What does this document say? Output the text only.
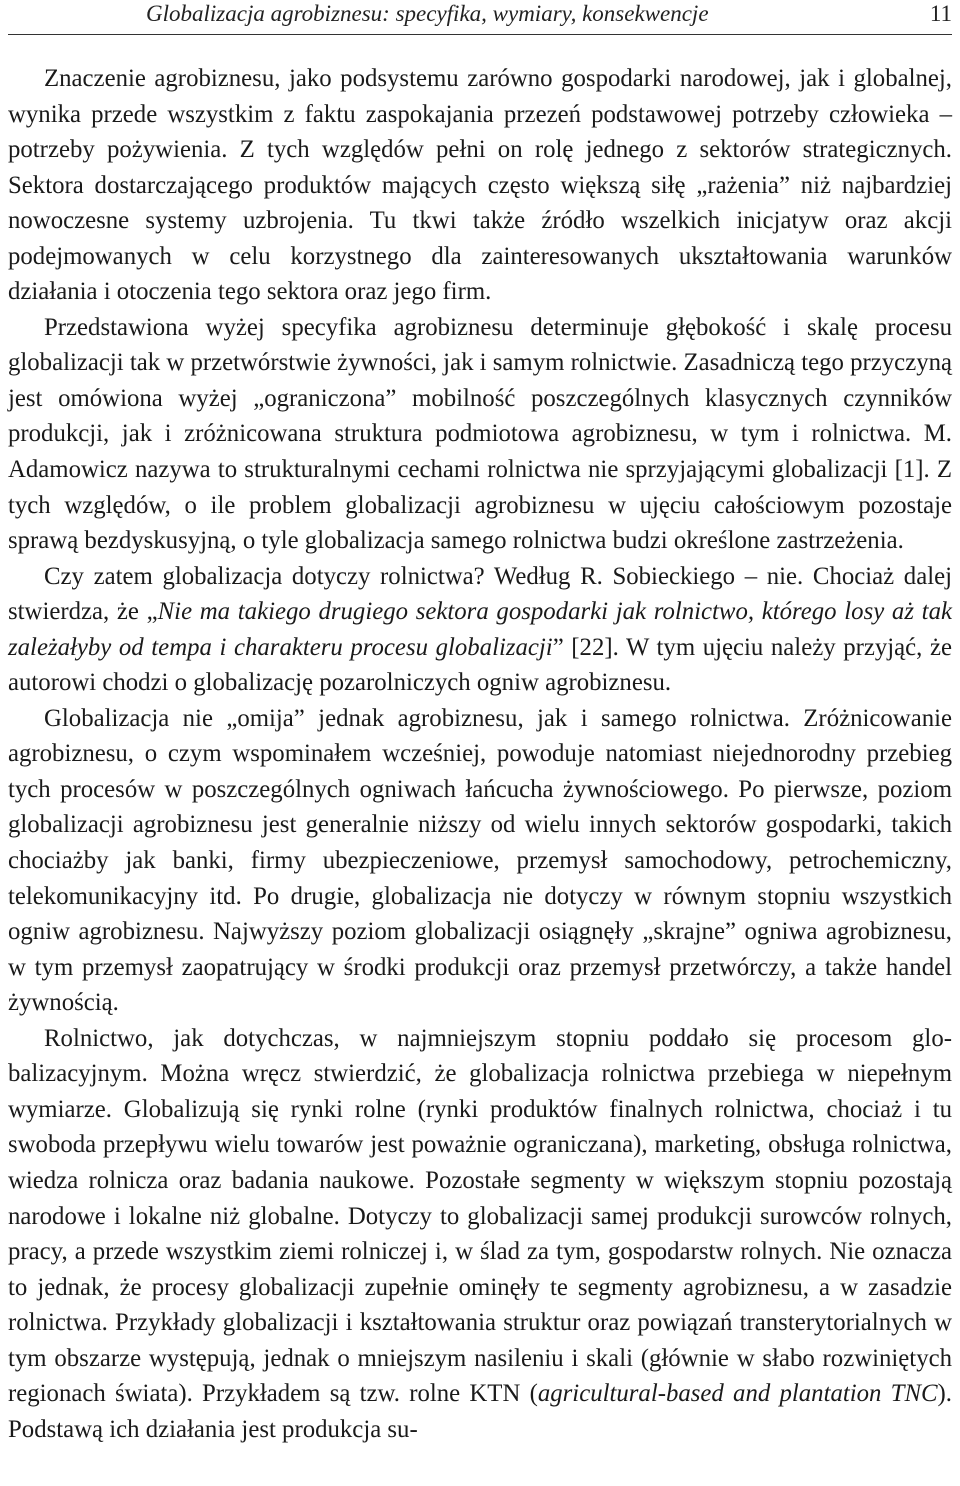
Globalizacja agrobiznesu: specyfika, wymiary, konsekwencje	11

Znaczenie agrobiznesu, jako podsystemu zarówno gospodarki narodowej, jak i globalnej, wynika przede wszystkim z faktu zaspokajania przezeń podstawowej potrzeby człowieka – potrzeby pożywienia. Z tych względów pełni on rolę jednego z sektorów strategicznych. Sektora dostarczającego produktów mających często większą siłę „rażenia” niż najbardziej nowoczesne systemy uzbrojenia. Tu tkwi także źródło wszelkich inicjatyw oraz akcji podejmowanych w celu korzystnego dla zainteresowanych ukształtowania warunków działania i otoczenia tego sektora oraz jego firm.

Przedstawiona wyżej specyfika agrobiznesu determinuje głębokość i skalę procesu globalizacji tak w przetwórstwie żywności, jak i samym rolnictwie. Zasadniczą tego przyczyną jest omówiona wyżej „ograniczona” mobilność poszczególnych klasycznych czynników produkcji, jak i zróżnicowana struktura podmiotowa agrobiznesu, w tym i rolnictwa. M. Adamowicz nazywa to strukturalnymi cechami rolnictwa nie sprzyjającymi globalizacji [1]. Z tych względów, o ile problem globalizacji agrobiznesu w ujęciu całościowym pozostaje sprawą bezdyskusyjną, o tyle globalizacja samego rolnictwa budzi określone zastrzeżenia.

Czy zatem globalizacja dotyczy rolnictwa? Według R. Sobieckiego – nie. Chociaż dalej stwierdza, że „Nie ma takiego drugiego sektora gospodarki jak rolnictwo, którego losy aż tak zależałyby od tempa i charakteru procesu globalizacji” [22]. W tym ujęciu należy przyjąć, że autorowi chodzi o globalizację pozarolniczych ogniw agrobiznesu.

Globalizacja nie „omija” jednak agrobiznesu, jak i samego rolnictwa. Zróżnicowanie agrobiznesu, o czym wspominałem wcześniej, powoduje natomiast niejednorodny przebieg tych procesów w poszczególnych ogniwach łańcucha żywnościowego. Po pierwsze, poziom globalizacji agrobiznesu jest generalnie niższy od wielu innych sektorów gospodarki, takich chociażby jak banki, firmy ubezpieczeniowe, przemysł samochodowy, petrochemiczny, telekomunikacyjny itd. Po drugie, globalizacja nie dotyczy w równym stopniu wszystkich ogniw agrobiznesu. Najwyższy poziom globalizacji osiągnęły „skrajne” ogniwa agrobiznesu, w tym przemysł zaopatrujący w środki produkcji oraz przemysł przetwórczy, a także handel żywnością.

Rolnictwo, jak dotychczas, w najmniejszym stopniu poddało się procesom globalizacyjnym. Można wręcz stwierdzić, że globalizacja rolnictwa przebiega w niepełnym wymiarze. Globalizują się rynki rolne (rynki produktów finalnych rolnictwa, chociaż i tu swoboda przepływu wielu towarów jest poważnie ograniczana), marketing, obsługa rolnictwa, wiedza rolnicza oraz badania naukowe. Pozostałe segmenty w większym stopniu pozostają narodowe i lokalne niż globalne. Dotyczy to globalizacji samej produkcji surowców rolnych, pracy, a przede wszystkim ziemi rolniczej i, w ślad za tym, gospodarstw rolnych. Nie oznacza to jednak, że procesy globalizacji zupełnie ominęły te segmenty agrobiznesu, a w zasadzie rolnictwa. Przykłady globalizacji i kształtowania struktur oraz powiązań transterytorialnych w tym obszarze występują, jednak o mniejszym nasileniu i skali (głównie w słabo rozwiniętych regionach świata). Przykładem są tzw. rolne KTN (agricultural-based and plantation TNC). Podstawą ich działania jest produkcja su-
